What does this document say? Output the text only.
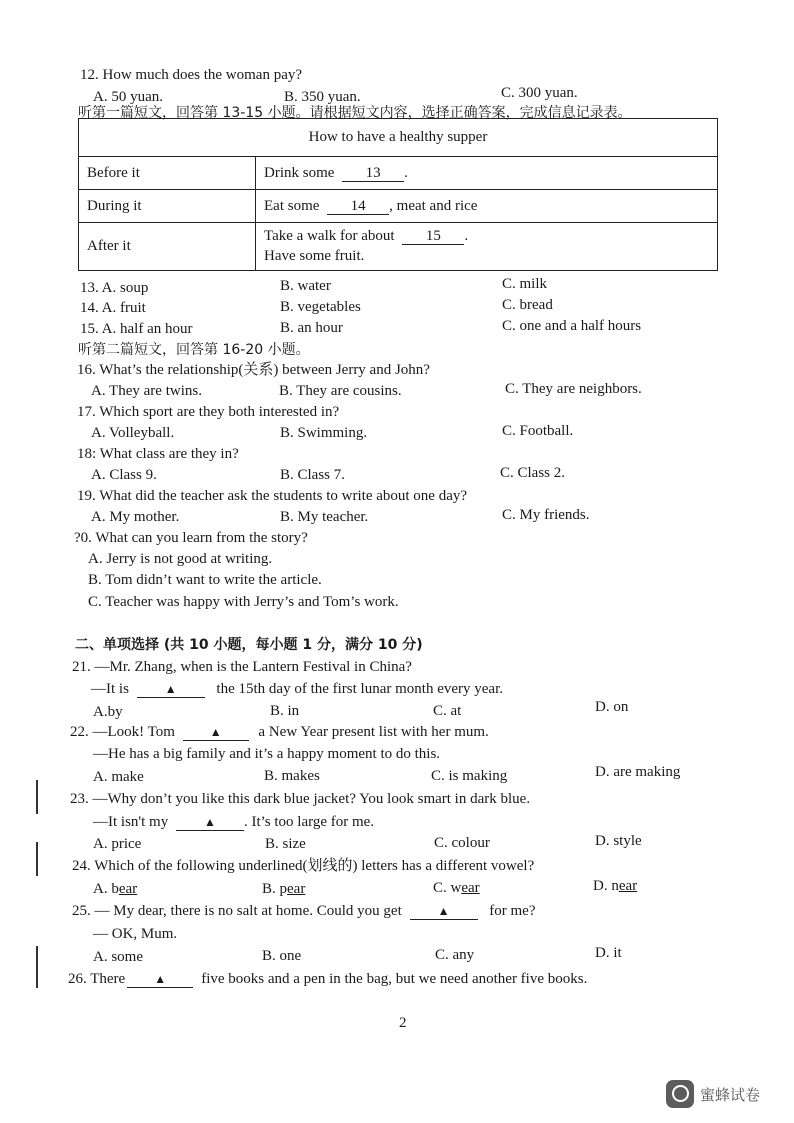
12. How much does the woman pay?
A. 50 yuan.	B. 350 yuan.	C. 300 yuan.
听第一篇短文，回答第 13-15 小题。请根据短文内容，选择正确答案，完成信息记录表。
How to have a healthy supper	
Before it	Drink some 13 .
During it	Eat some 14 , meat and rice
After it	Take a walk for about 15 .
Have some fruit.
13. A. soup	B. water	C. milk
14. A. fruit	B. vegetables	C. bread
15. A. half an hour	B. an hour	C. one and a half hours
听第二篇短文，回答第 16-20 小题。
16. What’s the relationship(关系) between Jerry and John?
A. They are twins.	B. They are cousins.	C. They are neighbors.
17. Which sport are they both interested in?
A. Volleyball.	B. Swimming.	C. Football.
18: What class are they in?
A. Class 9.	B. Class 7.	C. Class 2.
19. What did the teacher ask the students to write about one day?
A. My mother.	B. My teacher.	C. My friends.
?0. What can you learn from the story?
A. Jerry is not good at writing.
B. Tom didn’t want to write the article.
C. Teacher was happy with Jerry’s and Tom’s work.
二、单项选择 (共 10 小题，每小题 1 分，满分 10 分)
21. —Mr. Zhang, when is the Lantern Festival in China?
—It is	▲	the 15th day of the first lunar month every year.
A.by	B. in	C. at	D. on
22. —Look! Tom	▲ a New Year present list with her mum.
—He has a big family and it’s a happy moment to do this.
A. make	B. makes	C. is making	D. are making
23. —Why don’t you like this dark blue jacket? You look smart in dark blue.
—It isn't my	▲ . It’s too large for me.
A. price	B. size	C. colour	D. style
24. Which of the following underlined(划线的) letters has a different vowel?
A. bear	B. pear	C. wear	D. near
25. — My dear, there is no salt at home. Could you get	▲	for me?
— OK, Mum.
A. some	B. one	C. any	D. it
26. There ▲ five books and a pen in the bag, but we need another five books.
2
蜜蜂试卷
